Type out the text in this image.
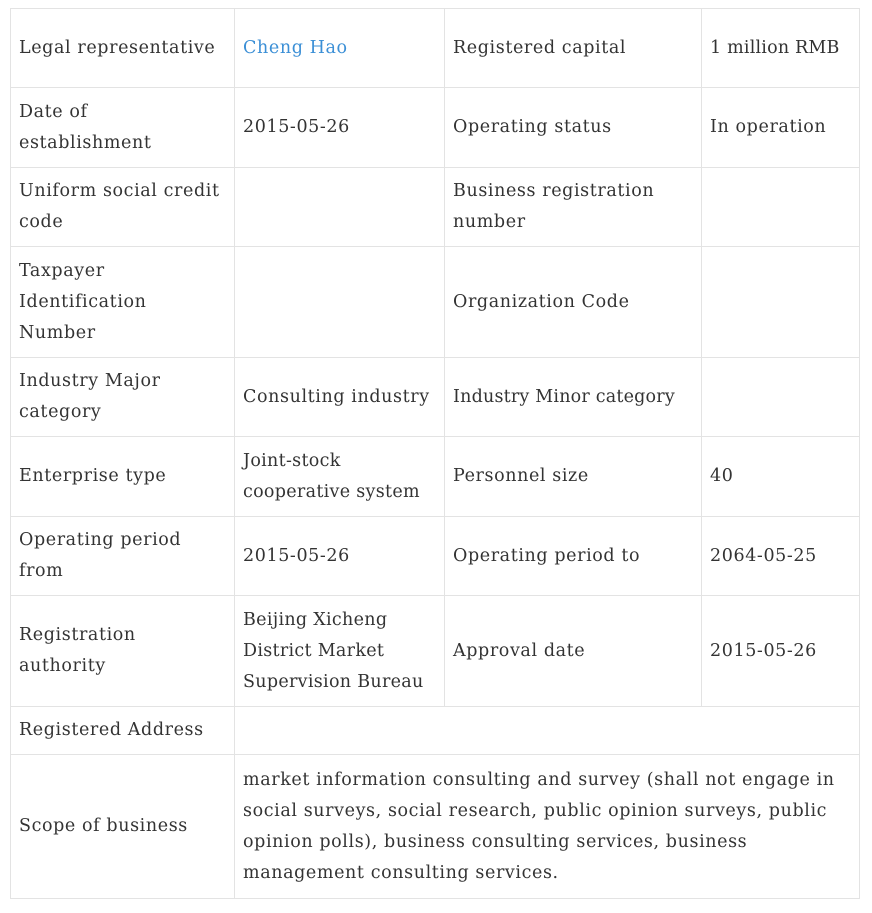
Legal representative	Cheng Hao	Registered capital	1 million RMB
Date of establishment	2015-05-26	Operating status	In operation
Uniform social credit code		Business registration number	
Taxpayer Identification Number		Organization Code	
Industry Major category	Consulting industry	Industry Minor category	
Enterprise type	Joint-stock cooperative system	Personnel size	40
Operating period from	2015-05-26	Operating period to	2064-05-25
Registration authority	Beijing Xicheng District Market Supervision Bureau	Approval date	2015-05-26
Registered Address			
Scope of business	market information consulting and survey (shall not engage in social surveys, social research, public opinion surveys, public opinion polls), business consulting services, business management consulting services.		
